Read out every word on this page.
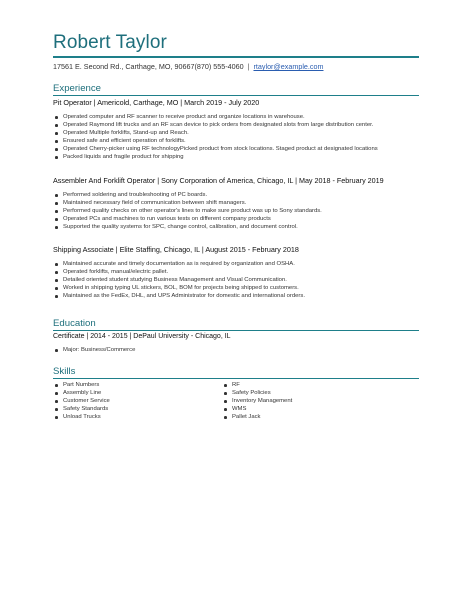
Robert Taylor
17561 E. Second Rd., Carthage, MO, 90667(870) 555-4060 | rtaylor@example.com
Experience
Pit Operator | Americold, Carthage, MO | March 2019 - July 2020
Operated computer and RF scanner to receive product and organize locations in warehouse.
Operated Raymond lift trucks and an RF scan device to pick orders from designated slots from large distribution center.
Operated Multiple forklifts, Stand-up and Reach.
Ensured safe and efficient operation of forklifts.
Operated Cherry-picker using RF technologyPicked product from stock locations. Staged product at designated locations
Packed liquids and fragile product for shipping
Assembler And Forklift Operator | Sony Corporation of America, Chicago, IL | May 2018 - February 2019
Performed soldering and troubleshooting of PC boards.
Maintained necessary field of communication between shift managers.
Performed quality checks on other operator's lines to make sure product was up to Sony standards.
Operated PCs and machines to run various tests on different company products
Supported the quality systems for SPC, change control, calibration, and document control.
Shipping Associate | Elite Staffing, Chicago, IL | August 2015 - February 2018
Maintained accurate and timely documentation as is required by organization and OSHA.
Operated forklifts, manual/electric pallet.
Detailed oriented student studying Business Management and Visual Communication.
Worked in shipping typing UL stickers, BOL, BOM for projects being shipped to customers.
Maintained as the FedEx, DHL, and UPS Administrator for domestic and international orders.
Education
Certificate | 2014 - 2015 | DePaul University - Chicago, IL
Major: Business/Commerce
Skills
Part Numbers
Assembly Line
Customer Service
Safety Standards
Unload Trucks
RF
Safety Policies
Inventory Management
WMS
Pallet Jack
